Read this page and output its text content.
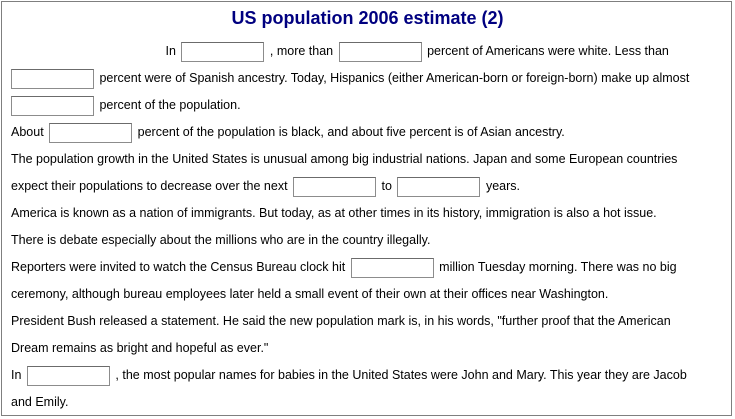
US population 2006 estimate (2)
In	, more than	percent of Americans were white. Less than
percent were of Spanish ancestry. Today, Hispanics (either American-born or foreign-born) make up almost
percent of the population.
About	percent of the population is black, and about five percent is of Asian ancestry.
The population growth in the United States is unusual among big industrial nations. Japan and some European countries
expect their populations to decrease over the next	to	years.
America is known as a nation of immigrants. But today, as at other times in its history, immigration is also a hot issue.
There is debate especially about the millions who are in the country illegally.
Reporters were invited to watch the Census Bureau clock hit	million Tuesday morning. There was no big
ceremony, although bureau employees later held a small event of their own at their offices near Washington.
President Bush released a statement. He said the new population mark is, in his words, "further proof that the American
Dream remains as bright and hopeful as ever."
In	, the most popular names for babies in the United States were John and Mary. This year they are Jacob
and Emily.
